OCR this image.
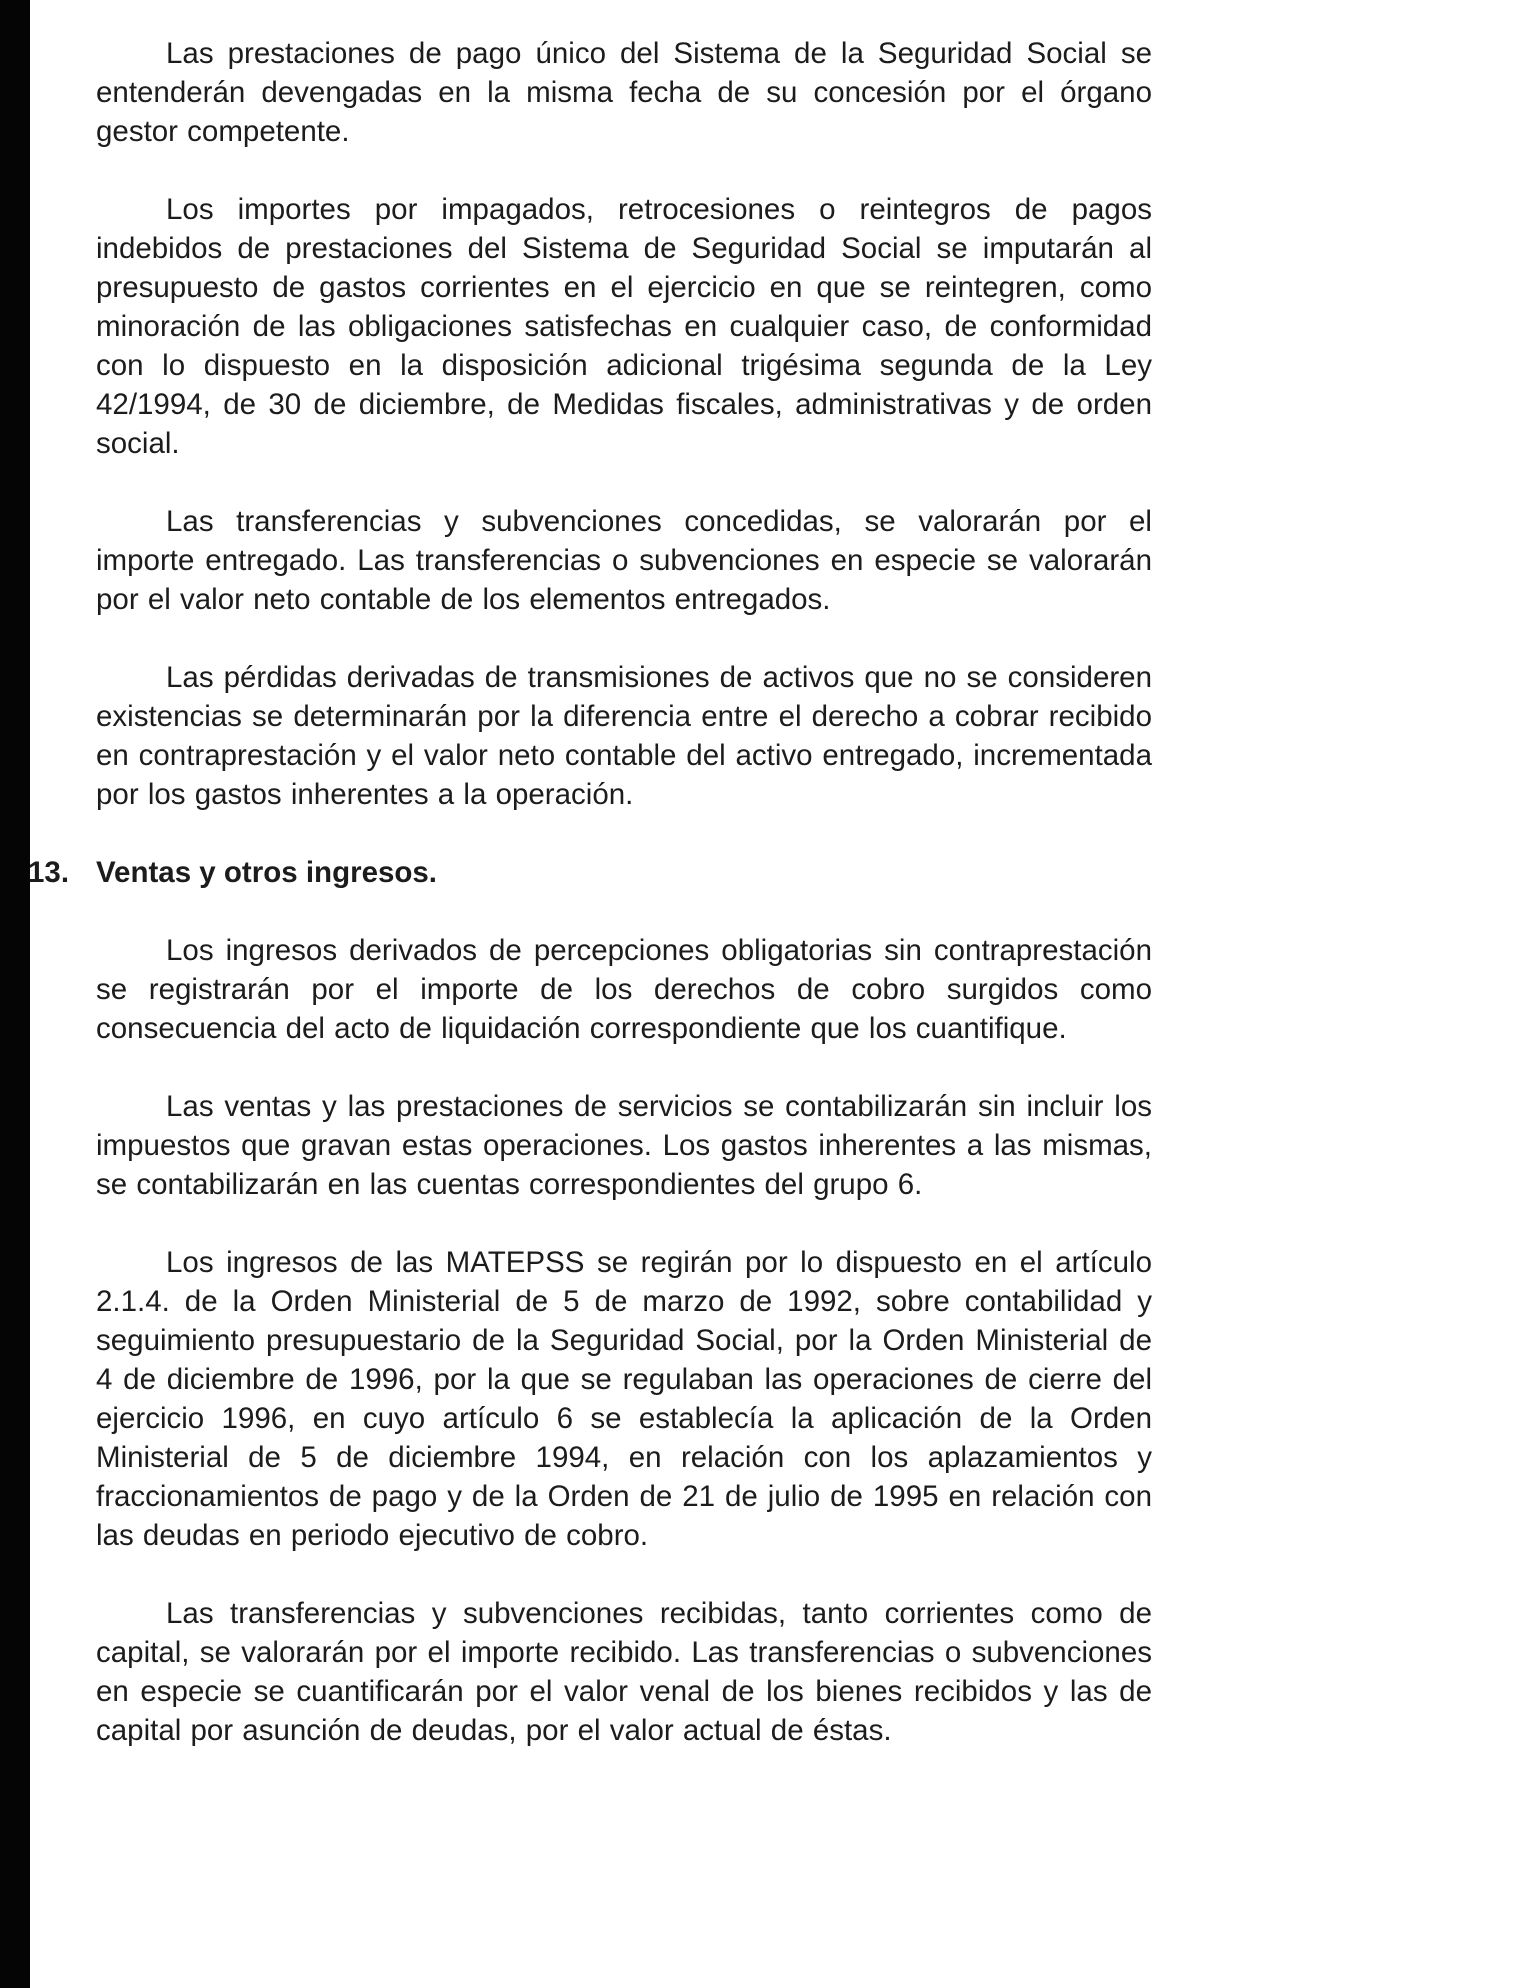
Las prestaciones de pago único del Sistema de la Seguridad Social se entenderán devengadas en la misma fecha de su concesión por el órgano gestor competente.

Los importes por impagados, retrocesiones o reintegros de pagos indebidos de prestaciones del Sistema de Seguridad Social se imputarán al presupuesto de gastos corrientes en el ejercicio en que se reintegren, como minoración de las obligaciones satisfechas en cualquier caso, de conformidad con lo dispuesto en la disposición adicional trigésima segunda de la Ley 42/1994, de 30 de diciembre, de Medidas fiscales, administrativas y de orden social.

Las transferencias y subvenciones concedidas, se valorarán por el importe entregado. Las transferencias o subvenciones en especie se valorarán por el valor neto contable de los elementos entregados.

Las pérdidas derivadas de transmisiones de activos que no se consideren existencias se determinarán por la diferencia entre el derecho a cobrar recibido en contraprestación y el valor neto contable del activo entregado, incrementada por los gastos inherentes a la operación.

13. Ventas y otros ingresos.

Los ingresos derivados de percepciones obligatorias sin contraprestación se registrarán por el importe de los derechos de cobro surgidos como consecuencia del acto de liquidación correspondiente que los cuantifique.

Las ventas y las prestaciones de servicios se contabilizarán sin incluir los impuestos que gravan estas operaciones. Los gastos inherentes a las mismas, se contabilizarán en las cuentas correspondientes del grupo 6.

Los ingresos de las MATEPSS se regirán por lo dispuesto en el artículo 2.1.4. de la Orden Ministerial de 5 de marzo de 1992, sobre contabilidad y seguimiento presupuestario de la Seguridad Social, por la Orden Ministerial de 4 de diciembre de 1996, por la que se regulaban las operaciones de cierre del ejercicio 1996, en cuyo artículo 6 se establecía la aplicación de la Orden Ministerial de 5 de diciembre 1994, en relación con los aplazamientos y fraccionamientos de pago y de la Orden de 21 de julio de 1995 en relación con las deudas en periodo ejecutivo de cobro.

Las transferencias y subvenciones recibidas, tanto corrientes como de capital, se valorarán por el importe recibido. Las transferencias o subvenciones en especie se cuantificarán por el valor venal de los bienes recibidos y las de capital por asunción de deudas, por el valor actual de éstas.
